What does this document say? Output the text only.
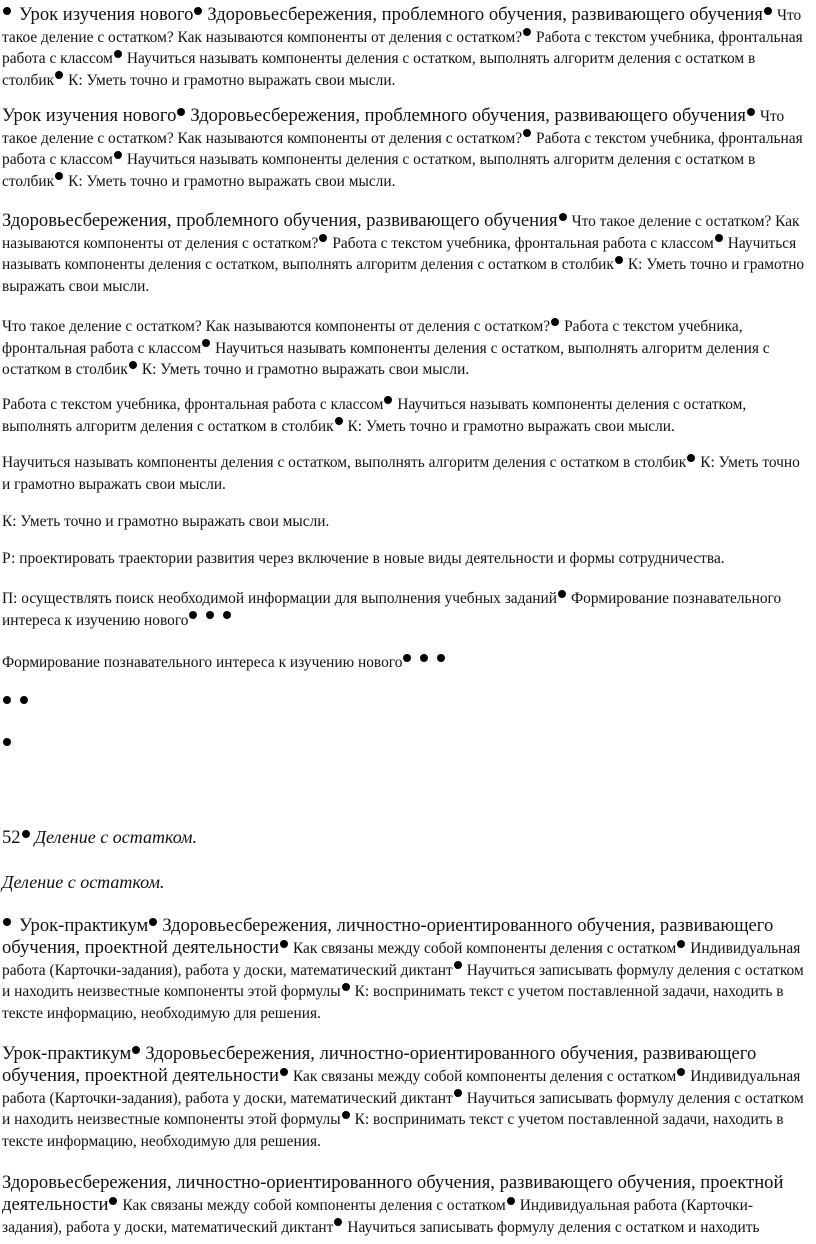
Урок изучения нового Здоровьесбережения, проблемного обучения, развивающего обучения Что такое деление с остатком? Как называются компоненты от деления с остатком? Работа с текстом учебника, фронтальная работа с классом Научиться называть компоненты деления с остатком, выполнять алгоритм деления с остатком в столбик К: Уметь точно и грамотно выражать свои мысли.

Урок изучения нового Здоровьесбережения, проблемного обучения, развивающего обучения Что такое деление с остатком? Как называются компоненты от деления с остатком? Работа с текстом учебника, фронтальная работа с классом Научиться называть компоненты деления с остатком, выполнять алгоритм деления с остатком в столбик К: Уметь точно и грамотно выражать свои мысли.

Здоровьесбережения, проблемного обучения, развивающего обучения Что такое деление с остатком? Как называются компоненты от деления с остатком? Работа с текстом учебника, фронтальная работа с классом Научиться называть компоненты деления с остатком, выполнять алгоритм деления с остатком в столбик К: Уметь точно и грамотно выражать свои мысли.

Что такое деление с остатком? Как называются компоненты от деления с остатком? Работа с текстом учебника, фронтальная работа с классом Научиться называть компоненты деления с остатком, выполнять алгоритм деления с остатком в столбик К: Уметь точно и грамотно выражать свои мысли.

Работа с текстом учебника, фронтальная работа с классом Научиться называть компоненты деления с остатком, выполнять алгоритм деления с остатком в столбик К: Уметь точно и грамотно выражать свои мысли.

Научиться называть компоненты деления с остатком, выполнять алгоритм деления с остатком в столбик К: Уметь точно и грамотно выражать свои мысли.

К: Уметь точно и грамотно выражать свои мысли.

Р: проектировать траектории развития через включение в новые виды деятельности и формы сотрудничества.

П: осуществлять поиск необходимой информации для выполнения учебных заданий Формирование познавательного интереса к изучению нового

Формирование познавательного интереса к изучению нового

52 Деление с остатком.

Деление с остатком.

Урок-практикум Здоровьесбережения, личностно-ориентированного обучения, развивающего обучения, проектной деятельности Как связаны между собой компоненты деления с остатком Индивидуальная работа (Карточки-задания), работа у доски, математический диктант Научиться записывать формулу деления с остатком и находить неизвестные компоненты этой формулы К: воспринимать текст с учетом поставленной задачи, находить в тексте информацию, необходимую для решения.

Урок-практикум Здоровьесбережения, личностно-ориентированного обучения, развивающего обучения, проектной деятельности Как связаны между собой компоненты деления с остатком Индивидуальная работа (Карточки-задания), работа у доски, математический диктант Научиться записывать формулу деления с остатком и находить неизвестные компоненты этой формулы К: воспринимать текст с учетом поставленной задачи, находить в тексте информацию, необходимую для решения.

Здоровьесбережения, личностно-ориентированного обучения, развивающего обучения, проектной деятельности Как связаны между собой компоненты деления с остатком Индивидуальная работа (Карточки-задания), работа у доски, математический диктант Научиться записывать формулу деления с остатком и находить
